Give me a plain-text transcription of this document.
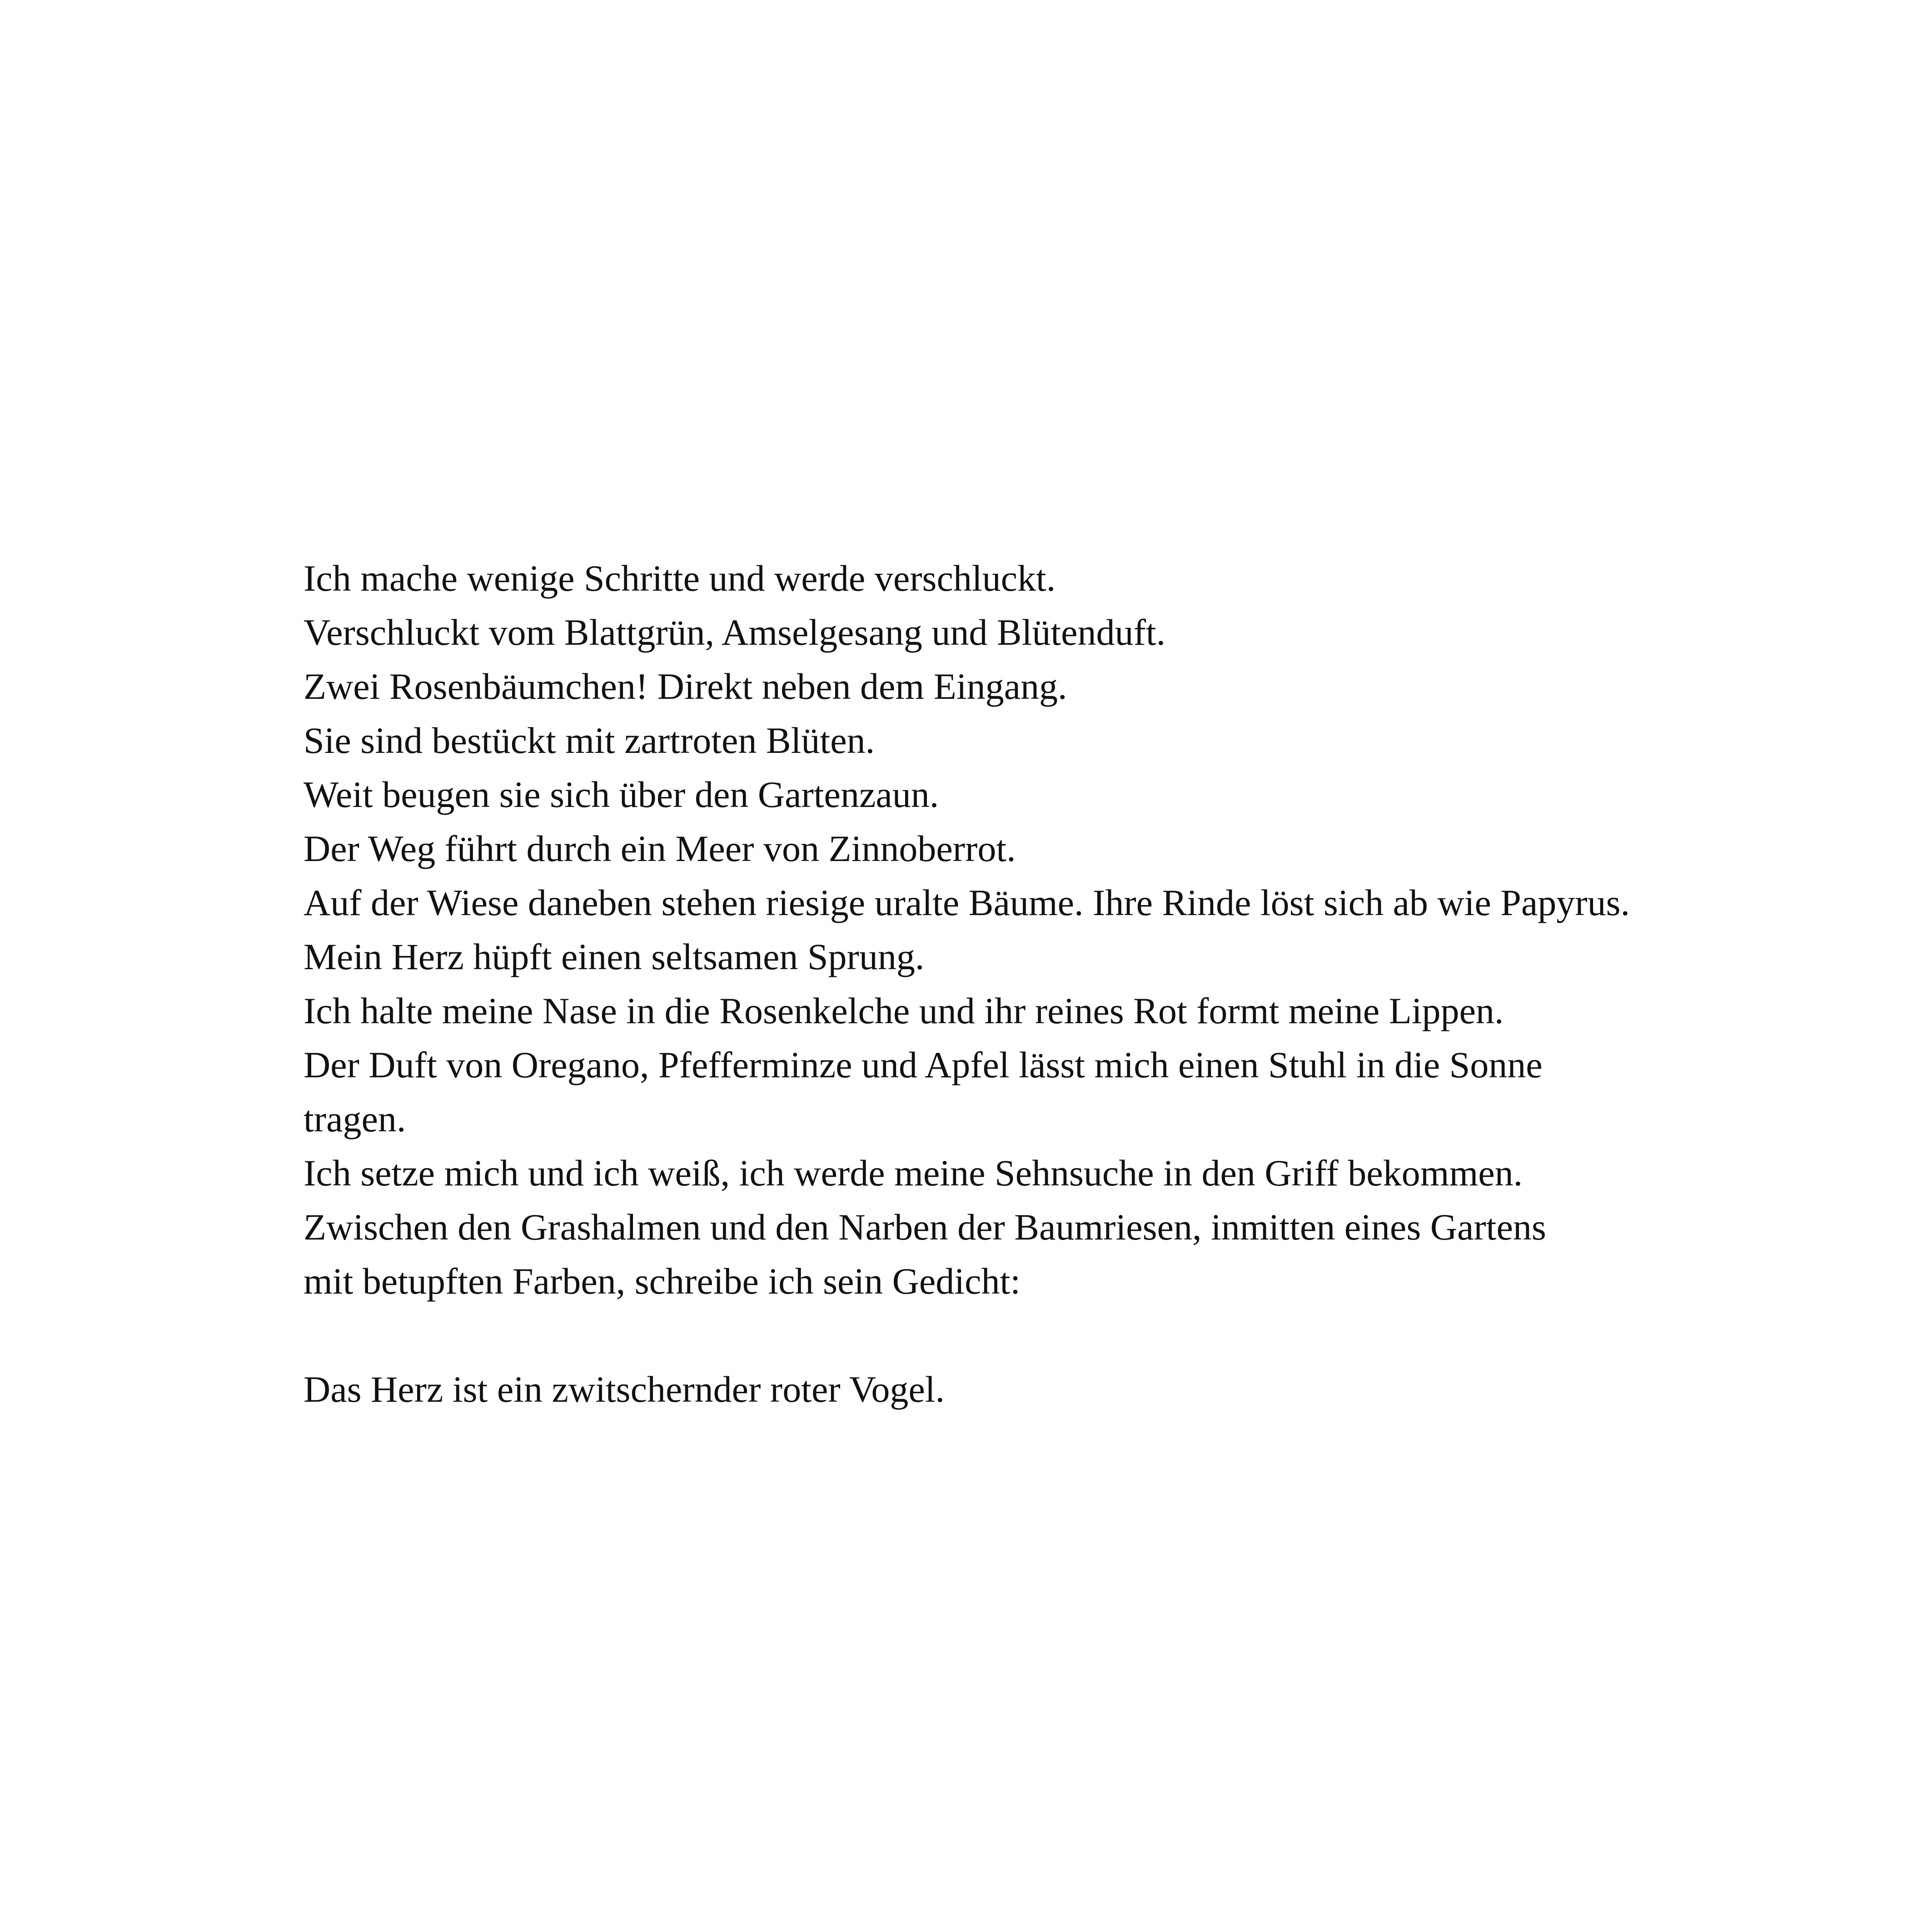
Ich mache wenige Schritte und werde verschluckt.
Verschluckt vom Blattgrün, Amselgesang und Blütenduft.
Zwei Rosenbäumchen! Direkt neben dem Eingang.
Sie sind bestückt mit zartroten Blüten.
Weit beugen sie sich über den Gartenzaun.
Der Weg führt durch ein Meer von Zinnoberrot.
Auf der Wiese daneben stehen riesige uralte Bäume. Ihre Rinde löst sich ab wie Papyrus.
Mein Herz hüpft einen seltsamen Sprung.
Ich halte meine Nase in die Rosenkelche und ihr reines Rot formt meine Lippen.
Der Duft von Oregano, Pfefferminze und Apfel lässt mich einen Stuhl in die Sonne
tragen.
Ich setze mich und ich weiß, ich werde meine Sehnsuche in den Griff bekommen.
Zwischen den Grashalmen und den Narben der Baumriesen, inmitten eines Gartens
mit betupften Farben, schreibe ich sein Gedicht:
Das Herz ist ein zwitschernder roter Vogel.
